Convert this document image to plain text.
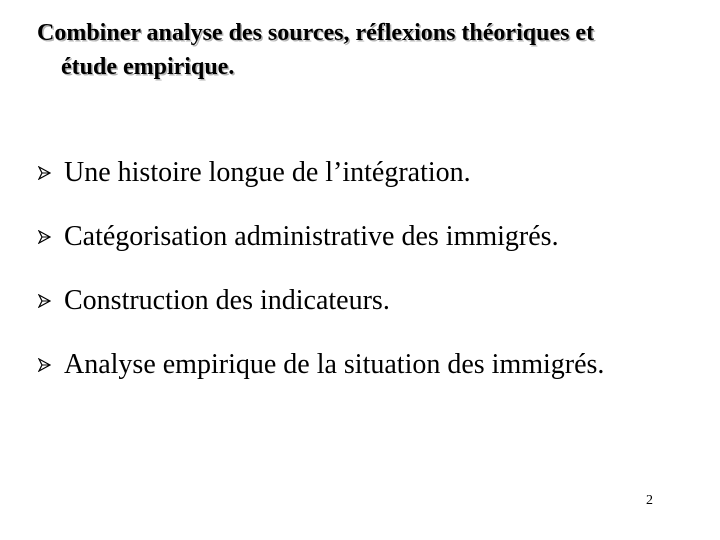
Combiner analyse des sources, réflexions théoriques et
étude empirique.
Une histoire longue de l’intégration.
Catégorisation administrative des immigrés.
Construction des indicateurs.
Analyse empirique de la situation des immigrés.
2
